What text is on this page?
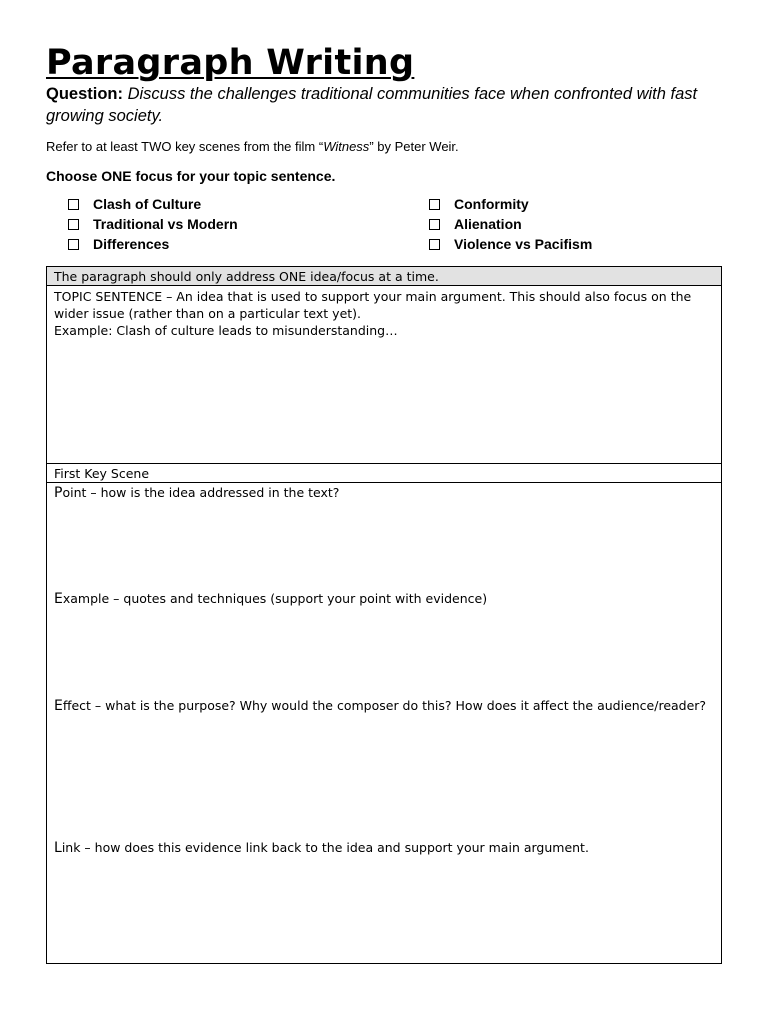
Paragraph Writing
Question: Discuss the challenges traditional communities face when confronted with fast growing society.
Refer to at least TWO key scenes from the film “Witness” by Peter Weir.
Choose ONE focus for your topic sentence.
Clash of Culture
Traditional vs Modern
Differences
Conformity
Alienation
Violence vs Pacifism
The paragraph should only address ONE idea/focus at a time.
TOPIC SENTENCE – An idea that is used to support your main argument. This should also focus on the
wider issue (rather than on a particular text yet).
Example: Clash of culture leads to misunderstanding…
First Key Scene
Point – how is the idea addressed in the text?
Example – quotes and techniques (support your point with evidence)
Effect – what is the purpose? Why would the composer do this? How does it affect the audience/reader?
Link – how does this evidence link back to the idea and support your main argument.
